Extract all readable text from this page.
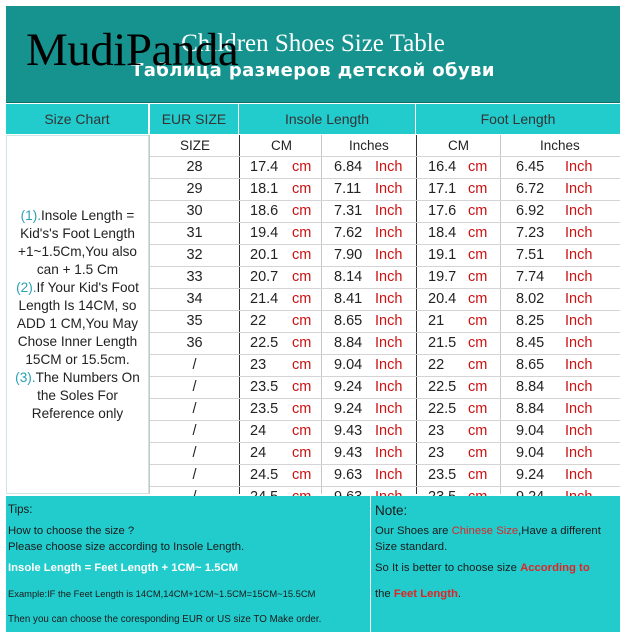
Children Shoes Size Table
Таблица размеров детской обуви
MudiPanda
Size Chart	EUR SIZE	Insole Length	Foot Length
(1).Insole Length = Kid's's Foot Length +1~1.5Cm,You also can + 1.5 Cm
(2).If Your Kid's Foot Length Is 14CM, so ADD 1 CM,You May Chose Inner Length 15CM or 15.5cm.
(3).The Numbers On the Soles For Reference only
SIZE	CM	Inches	CM	Inches
28	17.4 cm 6.84 Inch 16.4 cm 6.45 Inch
29	18.1 cm 7.11 Inch 17.1 cm 6.72 Inch
30	18.6 cm 7.31 Inch 17.6 cm 6.92 Inch
31	19.4 cm 7.62 Inch 18.4 cm 7.23 Inch
32	20.1 cm 7.90 Inch 19.1 cm 7.51 Inch
33	20.7 cm 8.14 Inch 19.7 cm 7.74 Inch
34	21.4 cm 8.41 Inch 20.4 cm 8.02 Inch
35	22 cm 8.65 Inch 21 cm 8.25 Inch
36	22.5 cm 8.84 Inch 21.5 cm 8.45 Inch
/	23 cm 9.04 Inch 22 cm 8.65 Inch
/	23.5 cm 9.24 Inch 22.5 cm 8.84 Inch
/	23.5 cm 9.24 Inch 22.5 cm 8.84 Inch
/	24 cm 9.43 Inch 23 cm 9.04 Inch
/	24 cm 9.43 Inch 23 cm 9.04 Inch
/	24.5 cm 9.63 Inch 23.5 cm 9.24 Inch
Tips:
How to choose the size ?
Please choose size according to Insole Length.
Insole Length = Feet Length + 1CM~ 1.5CM
Example:IF the Feet Length is 14CM,14CM+1CM~1.5CM=15CM~15.5CM
Then you can choose the coresponding EUR or US size TO Make order.
Note:
Our Shoes are Chinese Size,Have a different
Size standard.
So It is better to choose size According to
the Feet Length.
